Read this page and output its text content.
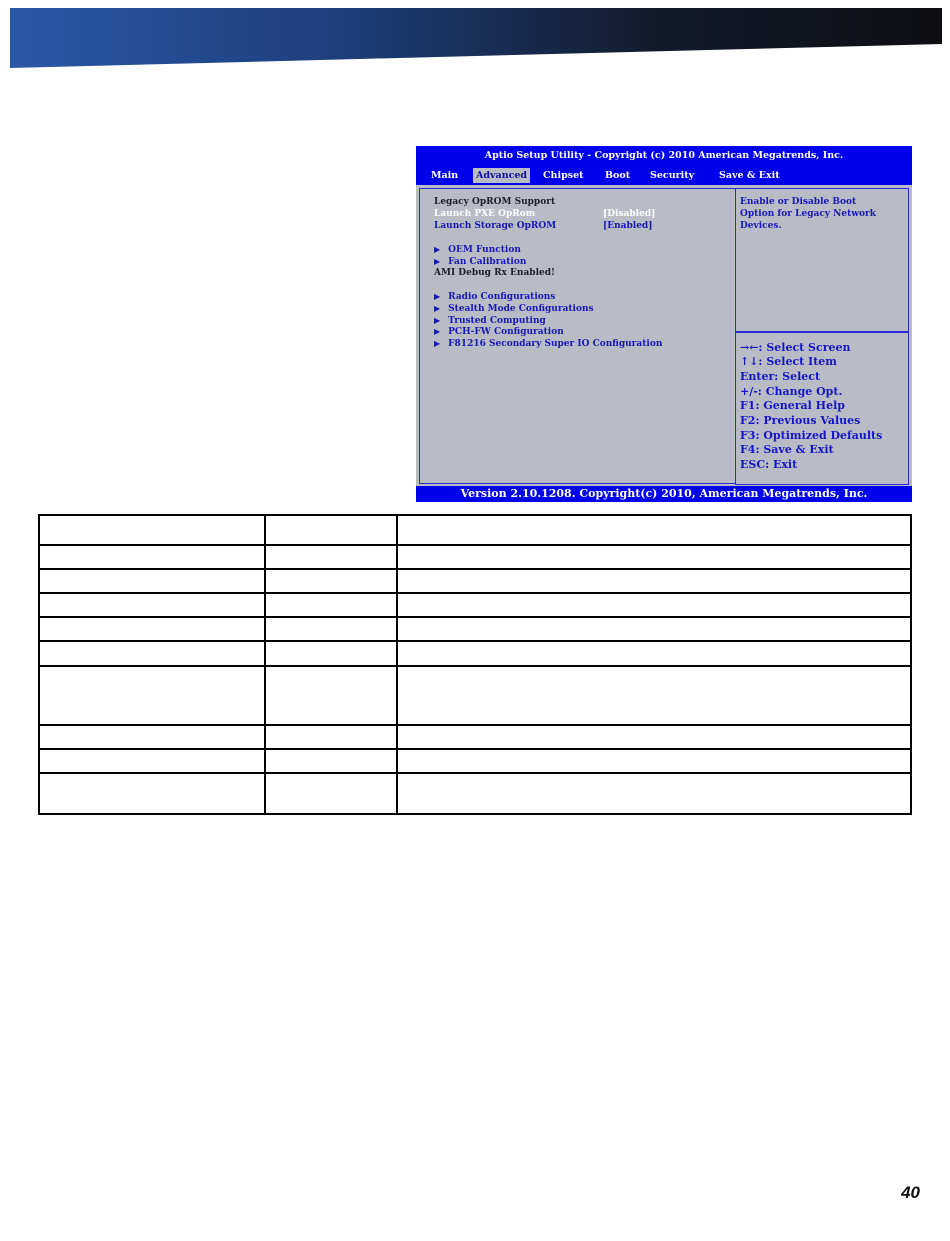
Aptio Setup Utility - Copyright (c) 2010 American Megatrends, Inc.
Main	Advanced	Chipset	Boot	Security	Save & Exit
Legacy OpROM Support
Launch PXE OpRom	[Disabled]
Launch Storage OpROM	[Enabled]
▶ OEM Function
▶ Fan Calibration
AMI Debug Rx Enabled!
▶ Radio Configurations
▶ Stealth Mode Configurations
▶ Trusted Computing
▶ PCH-FW Configuration
▶ F81216 Secondary Super IO Configuration
Enable or Disable Boot
Option for Legacy Network
Devices.
→←: Select Screen
↑↓: Select Item
Enter: Select
+/-: Change Opt.
F1: General Help
F2: Previous Values
F3: Optimized Defaults
F4: Save & Exit
ESC: Exit
Version 2.10.1208. Copyright(c) 2010, American Megatrends, Inc.

40
